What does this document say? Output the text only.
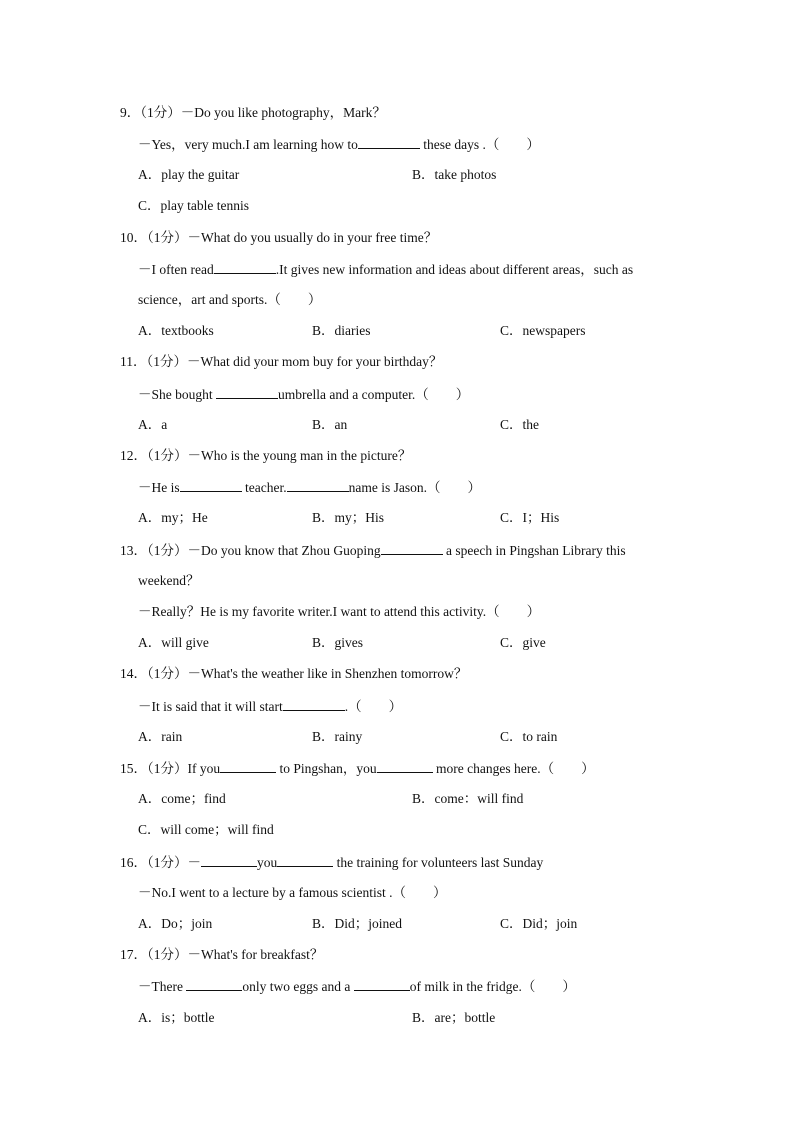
9．（1分）－Do you like photography，Mark？
－Yes，very much.I am learning how to	these days .（　　）
A．play the guitar	B．take photos
C．play table tennis
10．（1分）－What do you usually do in your free time？
－I often read	.It gives new information and ideas about different areas，such as
science，art and sports.（　　）
A．textbooks	B．diaries	C．newspapers
11．（1分）－What did your mom buy for your birthday？
－She bought	umbrella and a computer.（　　）
A．a	B．an	C．the
12．（1分）－Who is the young man in the picture？
－He is	teacher.	name is Jason.（　　）
A．my；He	B．my；His	C．I；His
13．（1分）－Do you know that Zhou Guoping	a speech in Pingshan Library this
weekend？
－Really？He is my favorite writer.I want to attend this activity.（　　）
A．will give	B．gives	C．give
14．（1分）－What's the weather like in Shenzhen tomorrow？
－It is said that it will start	.（　　）
A．rain	B．rainy	C．to rain
15．（1分）If you	to Pingshan，you	more changes here.（　　）
A．come；find	B．come：will find
C．will come；will find
16．（1分）－	you	the training for volunteers last Sunday
－No.I went to a lecture by a famous scientist .（　　）
A．Do；join	B．Did；joined	C．Did；join
17．（1分）－What's for breakfast？
－There	only two eggs and a	of milk in the fridge.（　　）
A．is；bottle	B．are；bottle
